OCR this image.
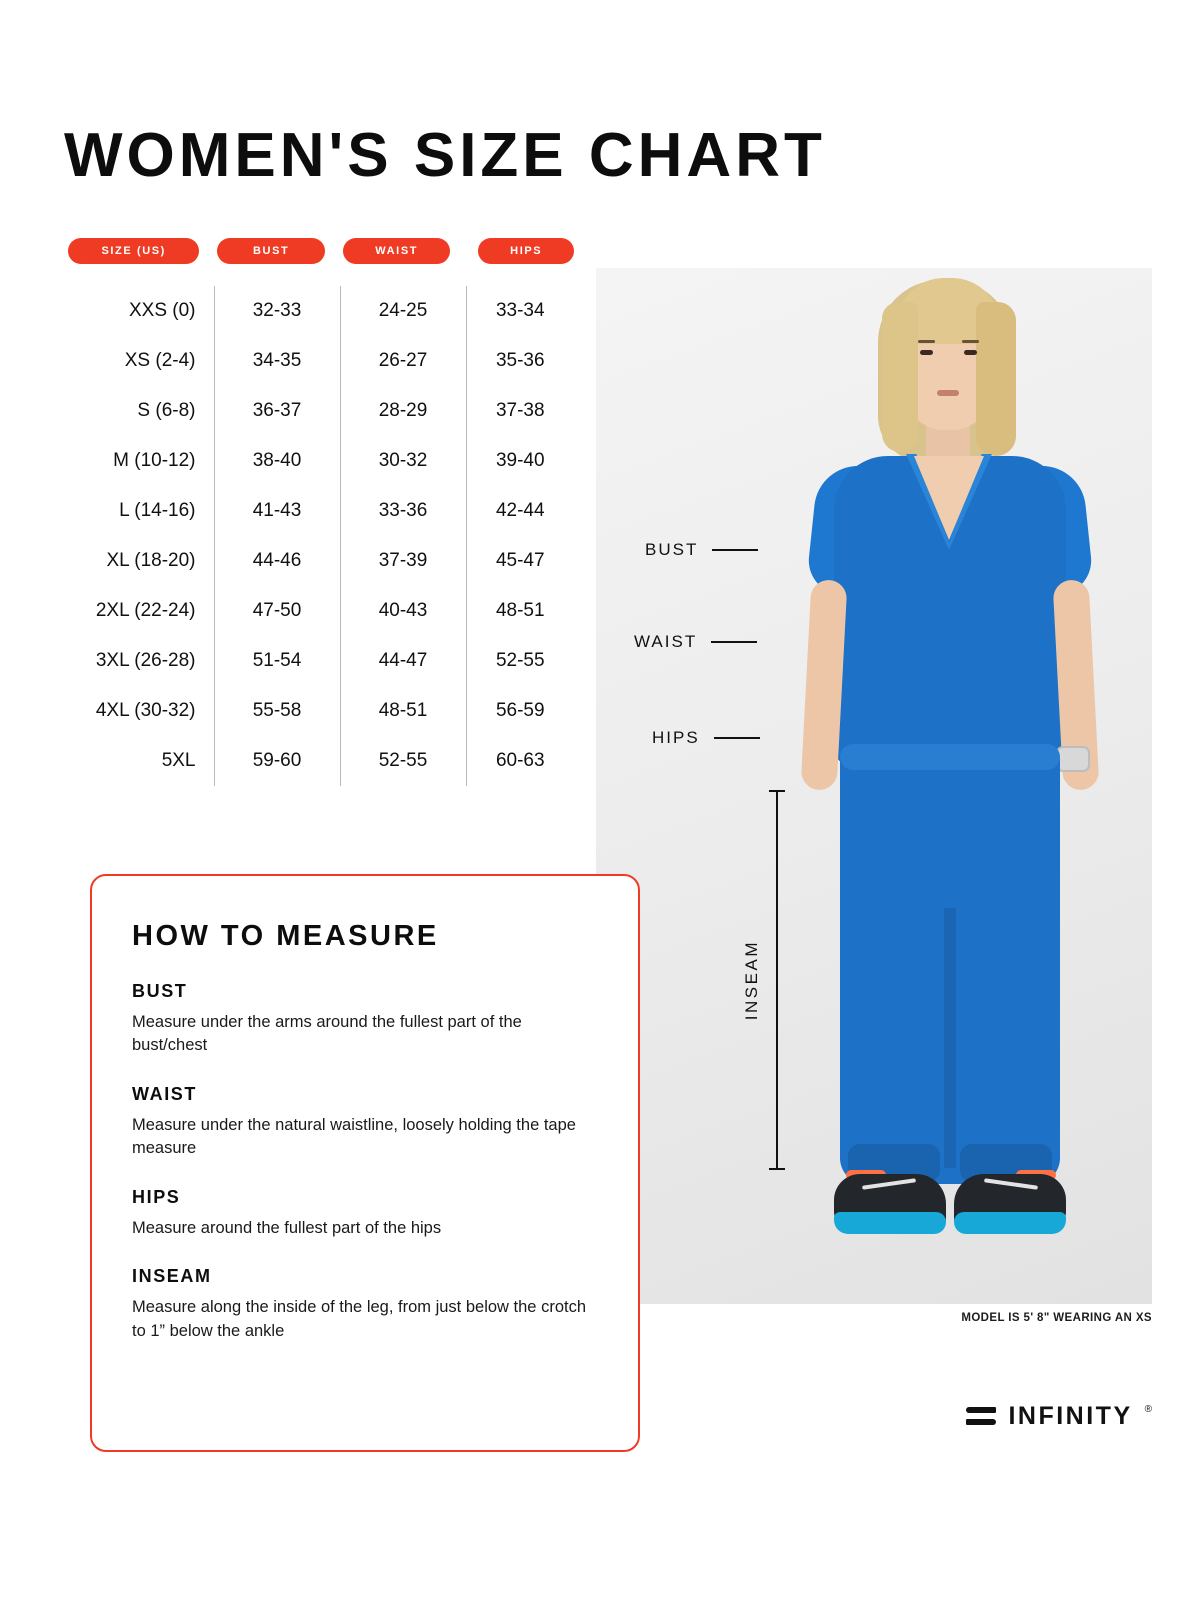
WOMEN'S SIZE CHART
MODEL IS 5' 8" WEARING AN XS
BUST
WAIST
HIPS
INSEAM
SIZE (US)	BUST	WAIST	HIPS
XXS (0)	32-33	24-25	33-34
XS (2-4)	34-35	26-27	35-36
S (6-8)	36-37	28-29	37-38
M (10-12)	38-40	30-32	39-40
L (14-16)	41-43	33-36	42-44
XL (18-20)	44-46	37-39	45-47
2XL (22-24)	47-50	40-43	48-51
3XL (26-28)	51-54	44-47	52-55
4XL (30-32)	55-58	48-51	56-59
5XL	59-60	52-55	60-63
HOW TO MEASURE

BUST

Measure under the arms around the fullest part of the bust/chest

WAIST

Measure under the natural waistline, loosely holding the tape measure

HIPS

Measure around the fullest part of the hips

INSEAM

Measure along the inside of the leg, from just below the crotch to 1” below the ankle

INFINITY ®
